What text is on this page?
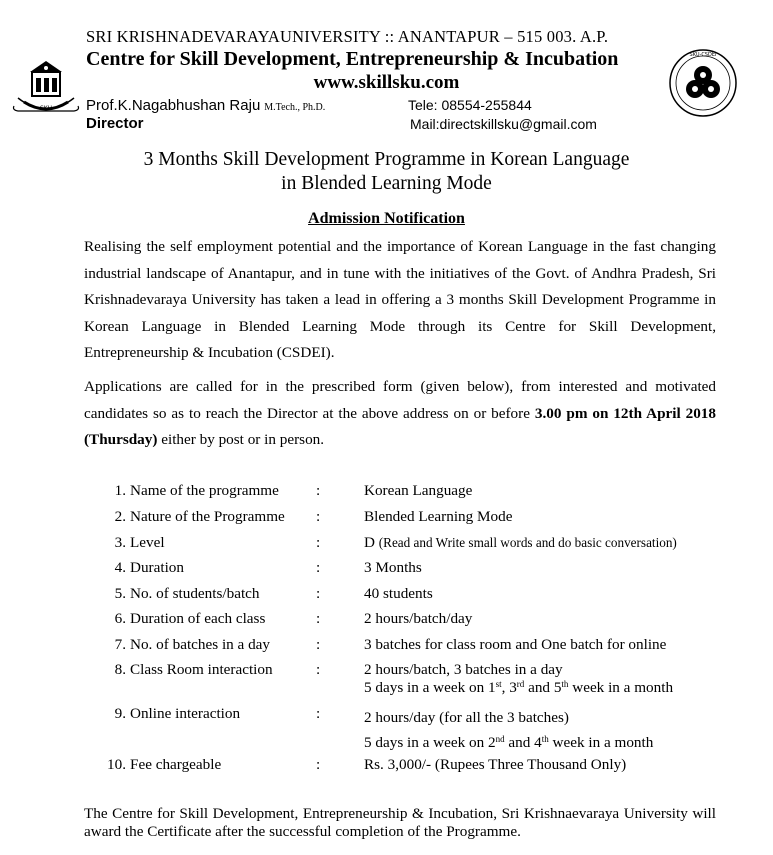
SKU
SRI KRISHNADEVARAYAUNIVERSITY :: ANANTAPUR – 515 003. A.P.
Centre for Skill Development, Entrepreneurship & Incubation
www.skillsku.com
Prof.K.Nagabhushan Raju M.Tech., Ph.D.
Director
Tele: 08554-255844
Mail:directskillsku@gmail.com
SKU-CSDEI
3 Months Skill Development Programme in Korean Language
in Blended Learning Mode
Admission Notification
Realising the self employment potential and the importance of Korean Language in the fast changing industrial landscape of Anantapur, and in tune with the initiatives of the Govt. of Andhra Pradesh, Sri Krishnadevaraya University has taken a lead in offering a 3 months Skill Development Programme in Korean Language in Blended Learning Mode through its Centre for Skill Development, Entrepreneurship & Incubation (CSDEI).
Applications are called for in the prescribed form (given below), from interested and motivated candidates so as to reach the Director at the above address on or before 3.00 pm on 12th April 2018 (Thursday) either by post or in person.
1. Name of the programme :	Korean Language
2. Nature of the Programme :	Blended Learning Mode
3. Level	:	D (Read and Write small words and do basic conversation)
4. Duration	:	3 Months
5. No. of students/batch	:	40 students
6. Duration of each class	:	2 hours/batch/day
7. No. of batches in a day	:	3 batches for class room and One batch for online
8. Class Room interaction	:	2 hours/batch, 3 batches in a day
5 days in a week on 1st, 3rd and 5th week in a month
9. Online interaction	:	2 hours/day (for all the 3 batches)
5 days in a week on 2nd and 4th week in a month
10. Fee chargeable	:	Rs. 3,000/- (Rupees Three Thousand Only)
The Centre for Skill Development, Entrepreneurship & Incubation, Sri Krishnaevaraya University will award the Certificate after the successful completion of the Programme.
